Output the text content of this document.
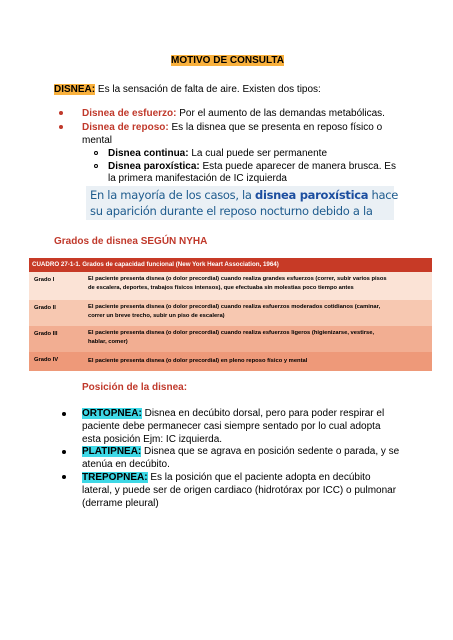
MOTIVO DE CONSULTA
DISNEA: Es la sensación de falta de aire. Existen dos tipos:
Disnea de esfuerzo: Por el aumento de las demandas metabólicas.
Disnea de reposo: Es la disnea que se presenta en reposo físico o
mental
Disnea continua: La cual puede ser permanente
Disnea paroxística: Esta puede aparecer de manera brusca. Es
la primera manifestación de IC izquierda
En la mayoría de los casos, la disnea paroxística hace
su aparición durante el reposo nocturno debido a la
Grados de disnea SEGÚN NYHA
CUADRO 27-1-1. Grados de capacidad funcional (New York Heart Association, 1964)
Grado I	El paciente presenta disnea (o dolor precordial) cuando realiza grandes esfuerzos (correr, subir varios pisos
de escalera, deportes, trabajos físicos intensos), que efectuaba sin molestias poco tiempo antes
Grado II	El paciente presenta disnea (o dolor precordial) cuando realiza esfuerzos moderados cotidianos (caminar,
correr un breve trecho, subir un piso de escalera)
Grado III	El paciente presenta disnea (o dolor precordial) cuando realiza esfuerzos ligeros (higienizarse, vestirse,
hablar, comer)
Grado IV	El paciente presenta disnea (o dolor precordial) en pleno reposo físico y mental
Posición de la disnea:
ORTOPNEA: Disnea en decúbito dorsal, pero para poder respirar el
paciente debe permanecer casi siempre sentado por lo cual adopta
esta posición Ejm: IC izquierda.
PLATIPNEA: Disnea que se agrava en posición sedente o parada, y se
atenúa en decúbito.
TREPOPNEA: Es la posición que el paciente adopta en decúbito
lateral, y puede ser de origen cardiaco (hidrotórax por ICC) o pulmonar
(derrame pleural)
